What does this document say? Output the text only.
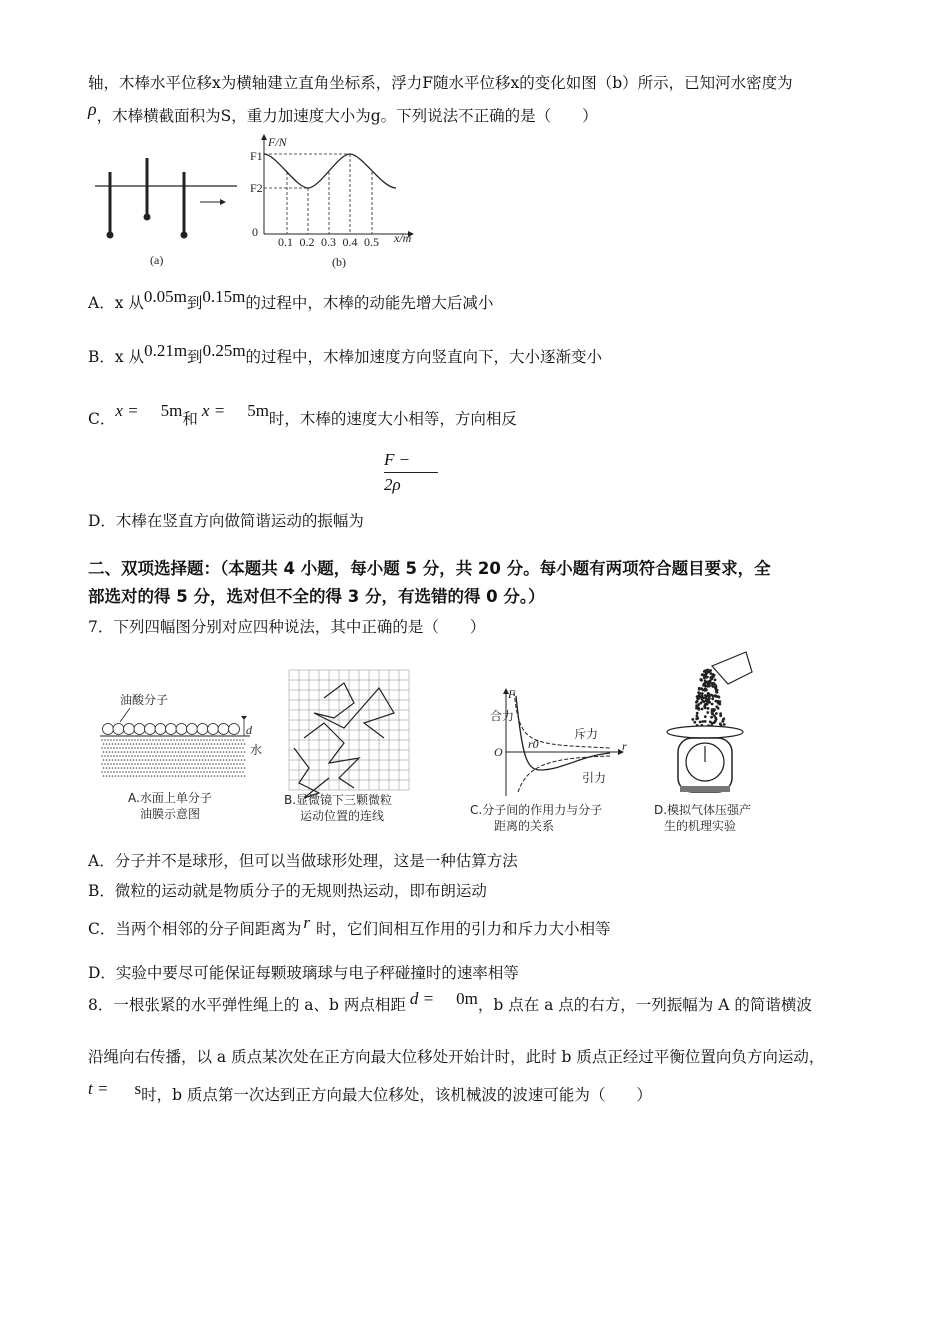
轴，木棒水平位移x为横轴建立直角坐标系，浮力F随水平位移x的变化如图（b）所示，已知河水密度为
ρ，木棒横截面积为S，重力加速度大小为g。下列说法不正确的是（　　）
(a)
F/N
F1
F2
0
0.1 0.2 0.3 0.4 0.5 x/m
(b)
A．x 从0.05m到0.15m的过程中，木棒的动能先增大后减小
B．x 从0.21m到0.25m的过程中，木棒加速度方向竖直向下，大小逐渐变小
C．x = 5m和 x = 5m时，木棒的速度大小相等，方向相反
F −
2ρ
D．木棒在竖直方向做简谐运动的振幅为
二、双项选择题：（本题共 4 小题，每小题 5 分，共 20 分。每小题有两项符合题目要求，全
部选对的得 5 分，选对但不全的得 3 分，有选错的得 0 分。）
7．下列四幅图分别对应四种说法，其中正确的是（　　）
油酸分子
d
水
A.水面上单分子
油膜示意图
B.显微镜下三颗微粒
运动位置的连线
F
合力
O
r0	r
斥力
引力
C.分子间的作用力与分子
距离的关系
D.模拟气体压强产
生的机理实验
A．分子并不是球形，但可以当做球形处理，这是一种估算方法
B．微粒的运动就是物质分子的无规则热运动，即布朗运动
C．当两个相邻的分子间距离为 r 时，它们间相互作用的引力和斥力大小相等
D．实验中要尽可能保证每颗玻璃球与电子秤碰撞时的速率相等
8．一根张紧的水平弹性绳上的 a、b 两点相距 d = 0m，b 点在 a 点的右方，一列振幅为 A 的简谐横波
沿绳向右传播，以 a 质点某次处在正方向最大位移处开始计时，此时 b 质点正经过平衡位置向负方向运动，
t = s时，b 质点第一次达到正方向最大位移处，该机械波的波速可能为（　　）
